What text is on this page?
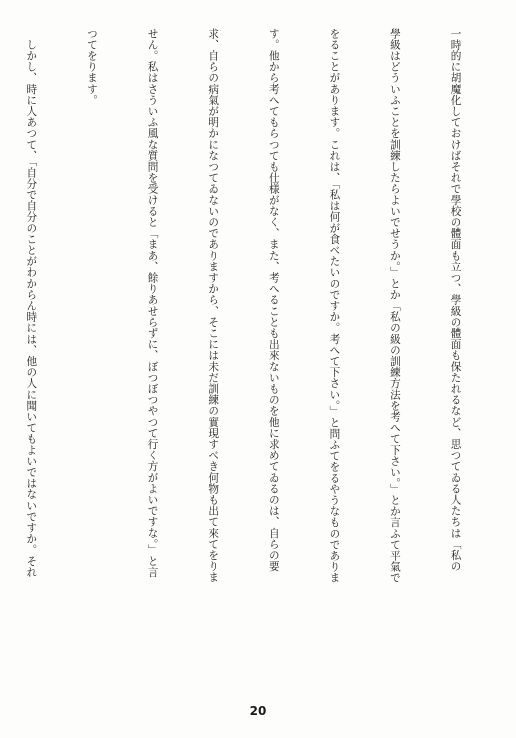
一時的に胡魔化しておけばそれで學校の體面も立つ、學級の體面も保たれるなど、思つてゐる人たちは「私の

學級はどういふことを訓練したらよいでせうか。」とか「私の級の訓練方法を考へて下さい。」とか言ふて平氣で

をることがあります。これは、「私は何が食べたいのですか。考へて下さい。」と問ふてをるやうなものでありま

す。他から考へてもらつても仕様がなく、また、考へることも出來ないものを他に求めてゐるのは、自らの要

求、自らの病氣が明かになつてゐないのでありますから、そこには未だ訓練の實現すべき何物も出て來てをりま

せん。私はさういふ風な質問を受けると「まあ、餘りあせらずに、ぼつぼつやつて行く方がよいですな。」と言

つてをります。

　しかし、時に人あつて、「自分で自分のことがわからん時には、他の人に聞いてもよいではないですか。それ

20
